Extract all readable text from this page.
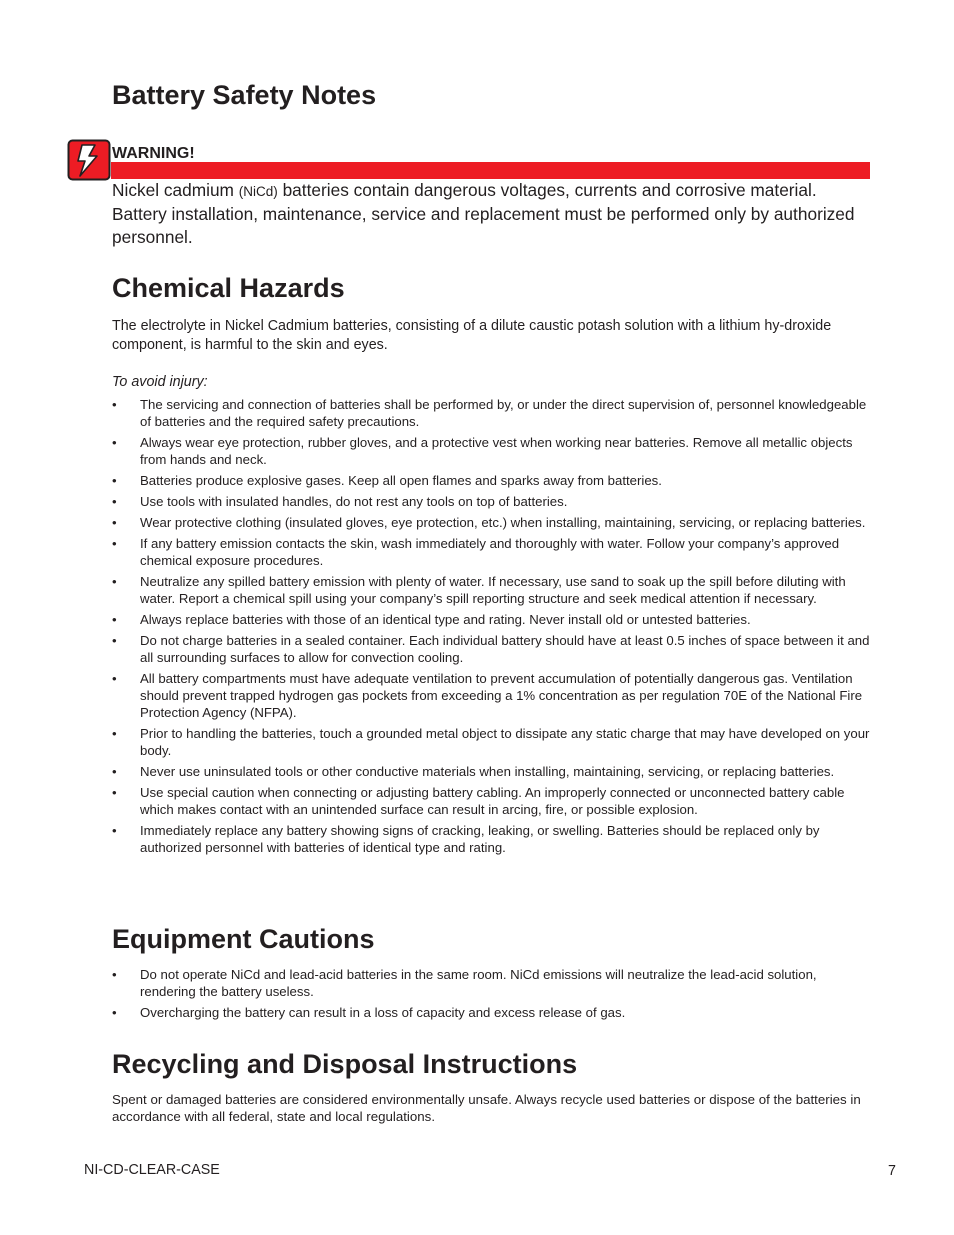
Battery Safety Notes
WARNING!

Nickel cadmium (NiCd) batteries contain dangerous voltages, currents and corrosive material. Battery installation, maintenance, service and replacement must be performed only by authorized personnel.

Chemical Hazards

The electrolyte in Nickel Cadmium batteries, consisting of a dilute caustic potash solution with a lithium hy-droxide component, is harmful to the skin and eyes.

To avoid injury:

• The servicing and connection of batteries shall be performed by, or under the direct supervision of, personnel knowledgeable of batteries and the required safety precautions.
• Always wear eye protection, rubber gloves, and a protective vest when working near batteries. Remove all metallic objects from hands and neck.
• Batteries produce explosive gases. Keep all open flames and sparks away from batteries.
• Use tools with insulated handles, do not rest any tools on top of batteries.
• Wear protective clothing (insulated gloves, eye protection, etc.) when installing, maintaining, servicing, or replacing batteries.
• If any battery emission contacts the skin, wash immediately and thoroughly with water. Follow your company’s approved chemical exposure procedures.
• Neutralize any spilled battery emission with plenty of water. If necessary, use sand to soak up the spill before diluting with water. Report a chemical spill using your company’s spill reporting structure and seek medical attention if necessary.
• Always replace batteries with those of an identical type and rating. Never install old or untested batteries.
• Do not charge batteries in a sealed container. Each individual battery should have at least 0.5 inches of space between it and all surrounding surfaces to allow for convection cooling.
• All battery compartments must have adequate ventilation to prevent accumulation of potentially dangerous gas. Ventilation should prevent trapped hydrogen gas pockets from exceeding a 1% concentration as per regulation 70E of the National Fire Protection Agency (NFPA).
• Prior to handling the batteries, touch a grounded metal object to dissipate any static charge that may have developed on your body.
• Never use uninsulated tools or other conductive materials when installing, maintaining, servicing, or replacing batteries.
• Use special caution when connecting or adjusting battery cabling. An improperly connected or unconnected battery cable which makes contact with an unintended surface can result in arcing, fire, or possible explosion.
• Immediately replace any battery showing signs of cracking, leaking, or swelling. Batteries should be replaced only by authorized personnel with batteries of identical type and rating.
Equipment Cautions
• Do not operate NiCd and lead-acid batteries in the same room. NiCd emissions will neutralize the lead-acid solution, rendering the battery useless.
• Overcharging the battery can result in a loss of capacity and excess release of gas.
Recycling and Disposal Instructions

Spent or damaged batteries are considered environmentally unsafe. Always recycle used batteries or dispose of the batteries in accordance with all federal, state and local regulations.

NI-CD-CLEAR-CASE	7
